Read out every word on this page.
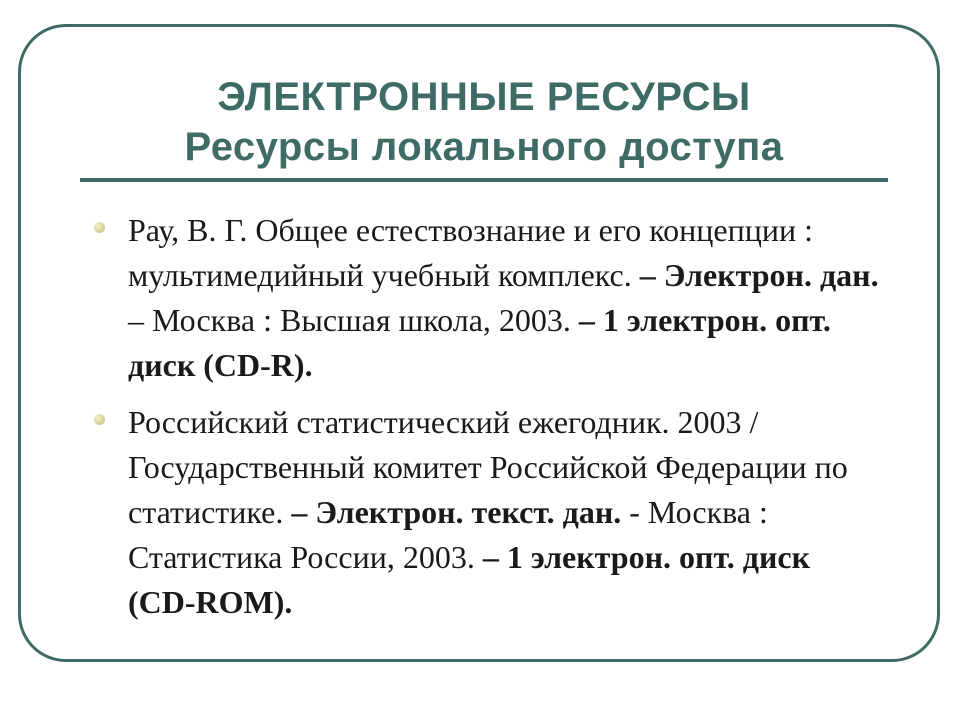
ЭЛЕКТРОННЫЕ РЕСУРСЫ
Ресурсы локального доступа
Рау, В. Г. Общее естествознание и его концепции : мультимедийный учебный комплекс. – Электрон. дан. – Москва : Высшая школа, 2003. – 1 электрон. опт. диск (CD-R).
Российский статистический ежегодник. 2003 / Государственный комитет Российской Федерации по статистике. – Электрон. текст. дан. - Москва : Статистика России, 2003. – 1 электрон. опт. диск (CD-ROM).
